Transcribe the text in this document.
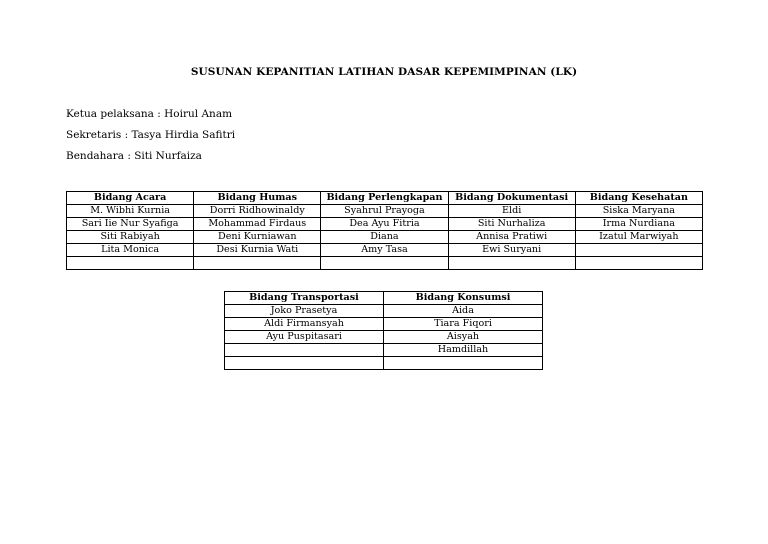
SUSUNAN KEPANITIAN LATIHAN DASAR KEPEMIMPINAN (LK)
Ketua pelaksana : Hoirul Anam
Sekretaris : Tasya Hirdia Safitri
Bendahara : Siti Nurfaiza
Bidang Acara	Bidang Humas	Bidang Perlengkapan	Bidang Dokumentasi	Bidang Kesehatan
M. Wibhi Kurnia	Dorri Ridhowinaldy	Syahrul Prayoga	Eldi	Siska Maryana
Sari Iie Nur Syafiga	Mohammad Firdaus	Dea Ayu Fitria	Siti Nurhaliza	Irma Nurdiana
Siti Rabiyah	Deni Kurniawan	Diana	Annisa Pratiwi	Izatul Marwiyah
Lita Monica	Desi Kurnia Wati	Amy Tasa	Ewi Suryani	

Bidang Transportasi	Bidang Konsumsi
Joko Prasetya	Aida
Aldi Firmansyah	Tiara Fiqori
Ayu Puspitasari	Aisyah
	Hamdillah
